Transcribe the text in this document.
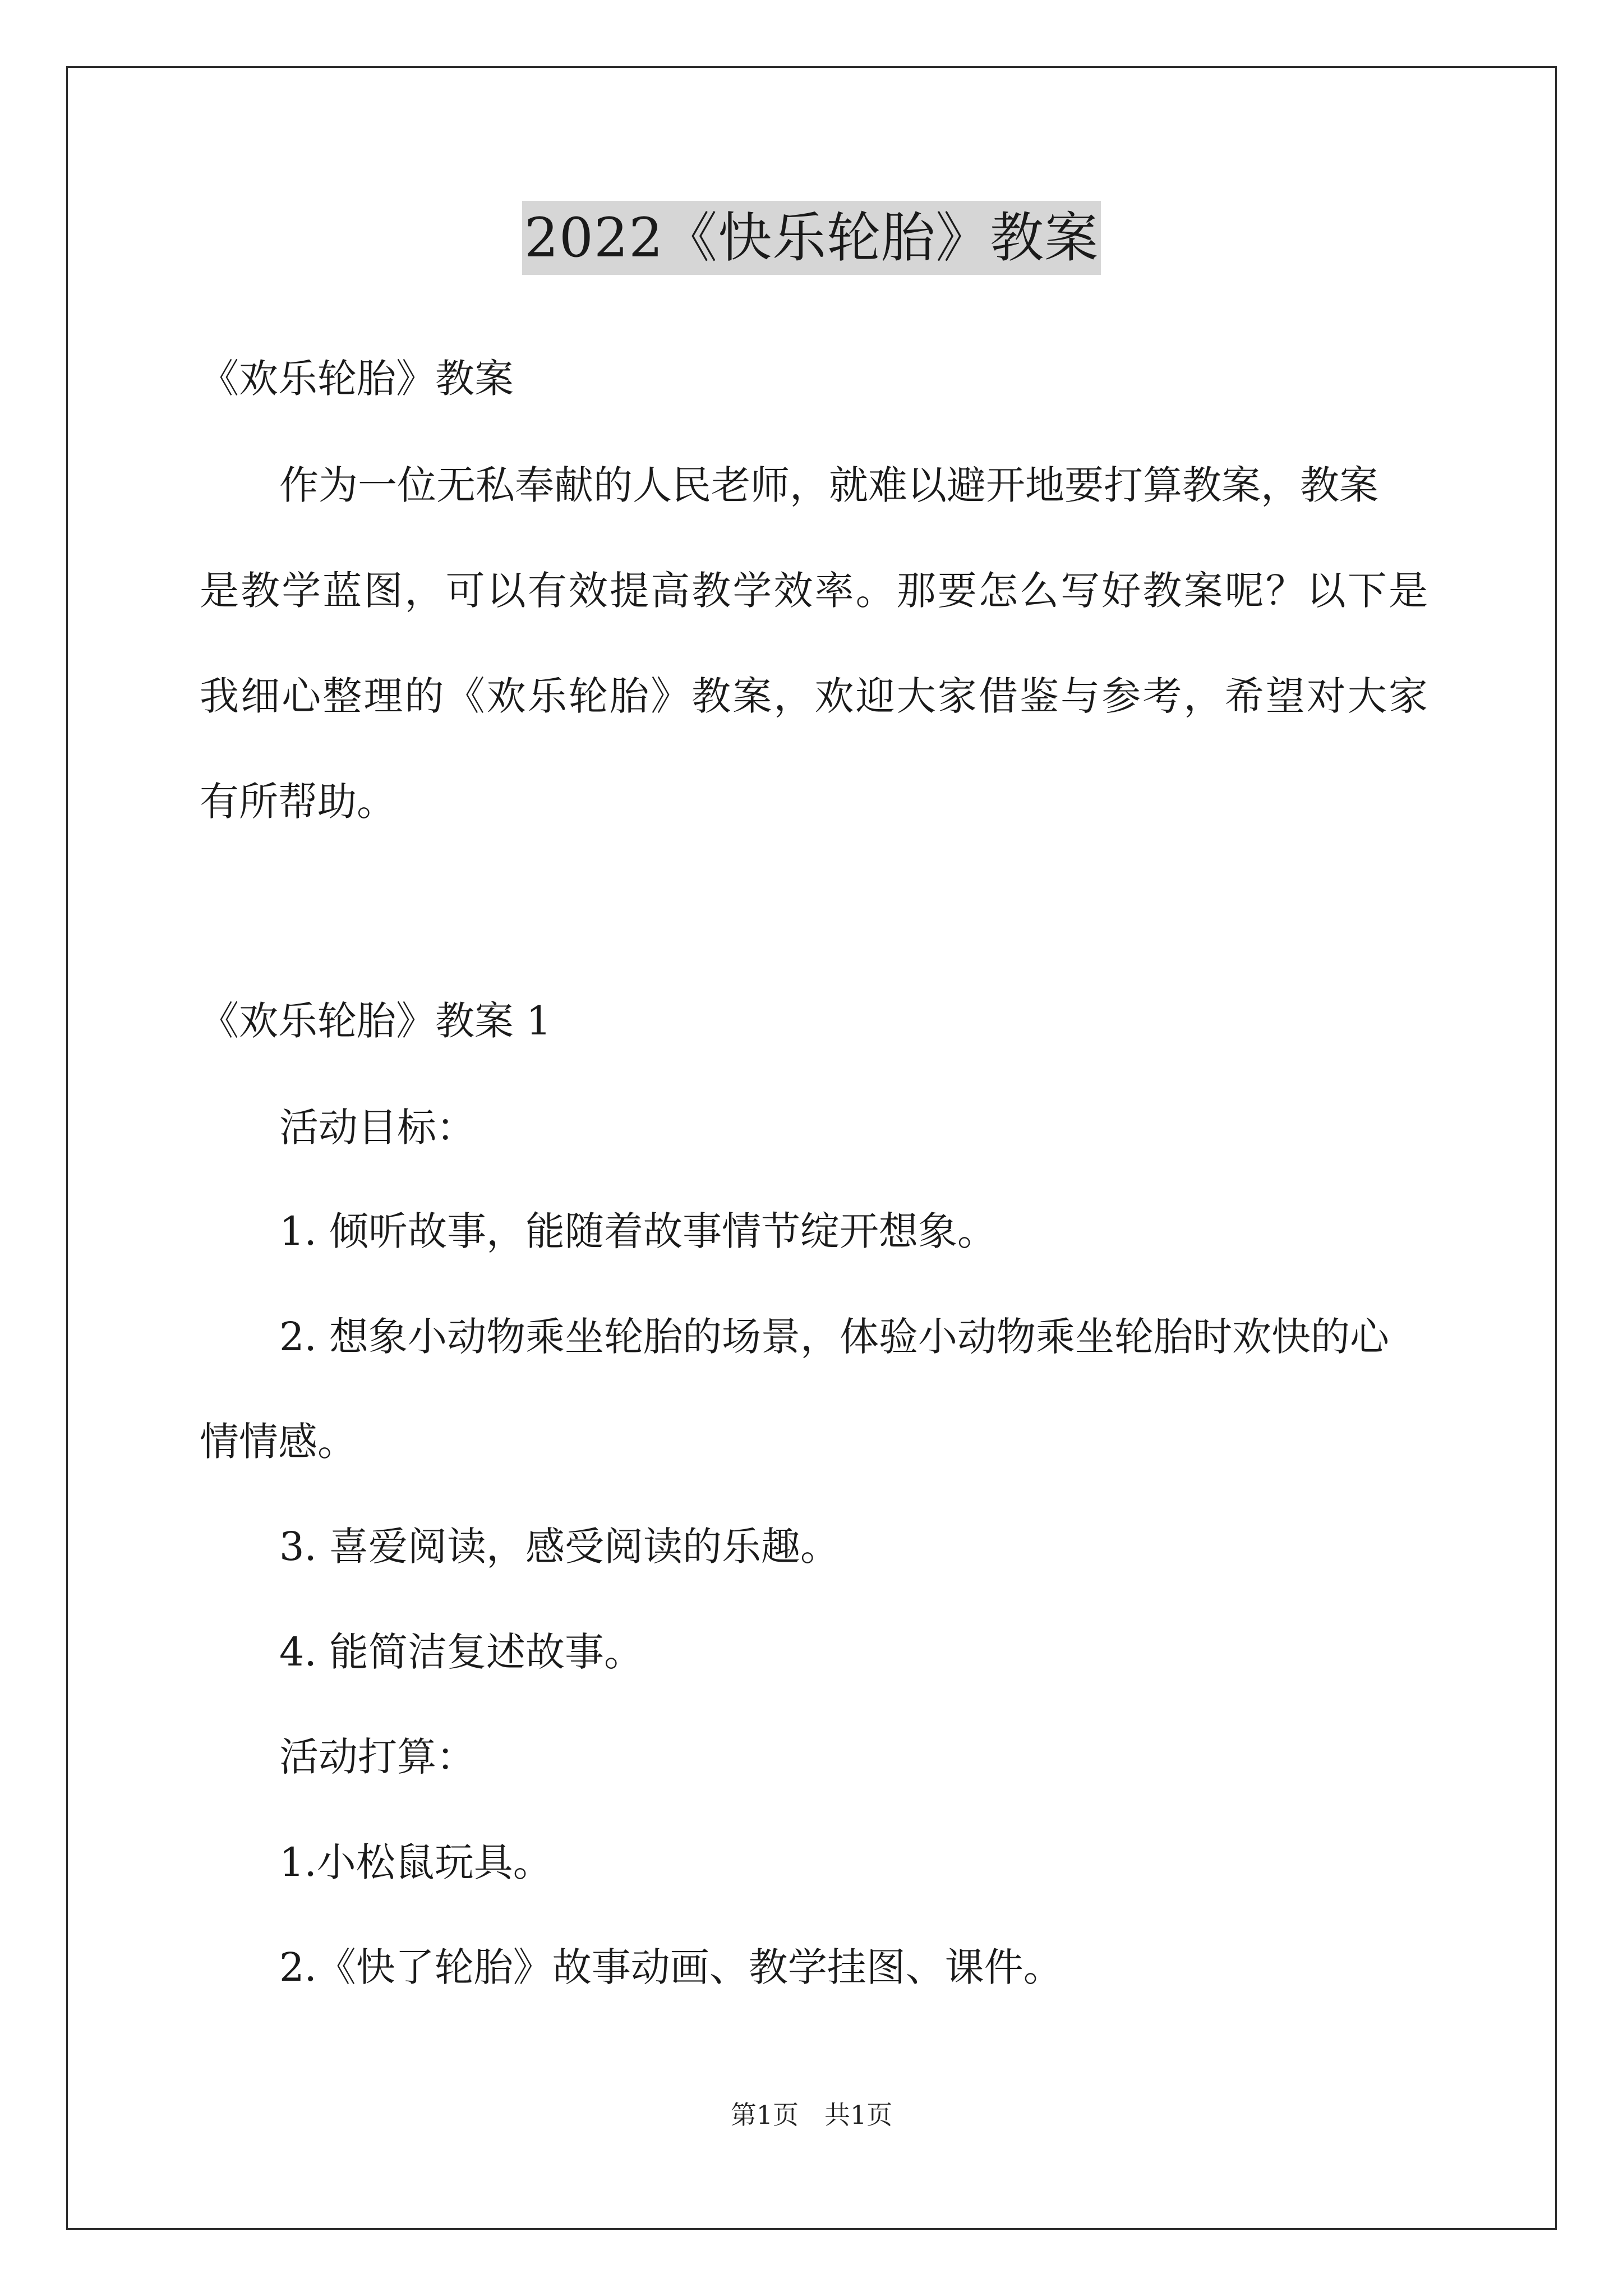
2022《快乐轮胎》教案
《欢乐轮胎》教案
作为一位无私奉献的人民老师，就难以避开地要打算教案，教案
是教学蓝图，可以有效提高教学效率。那要怎么写好教案呢？以下是
我细心整理的《欢乐轮胎》教案，欢迎大家借鉴与参考，希望对大家
有所帮助。
《欢乐轮胎》教案 1
活动目标：
1. 倾听故事，能随着故事情节绽开想象。
2. 想象小动物乘坐轮胎的场景，体验小动物乘坐轮胎时欢快的心
情情感。
3. 喜爱阅读，感受阅读的乐趣。
4. 能简洁复述故事。
活动打算：
1.小松鼠玩具。
2.《快了轮胎》故事动画、教学挂图、课件。
第1页　共1页
